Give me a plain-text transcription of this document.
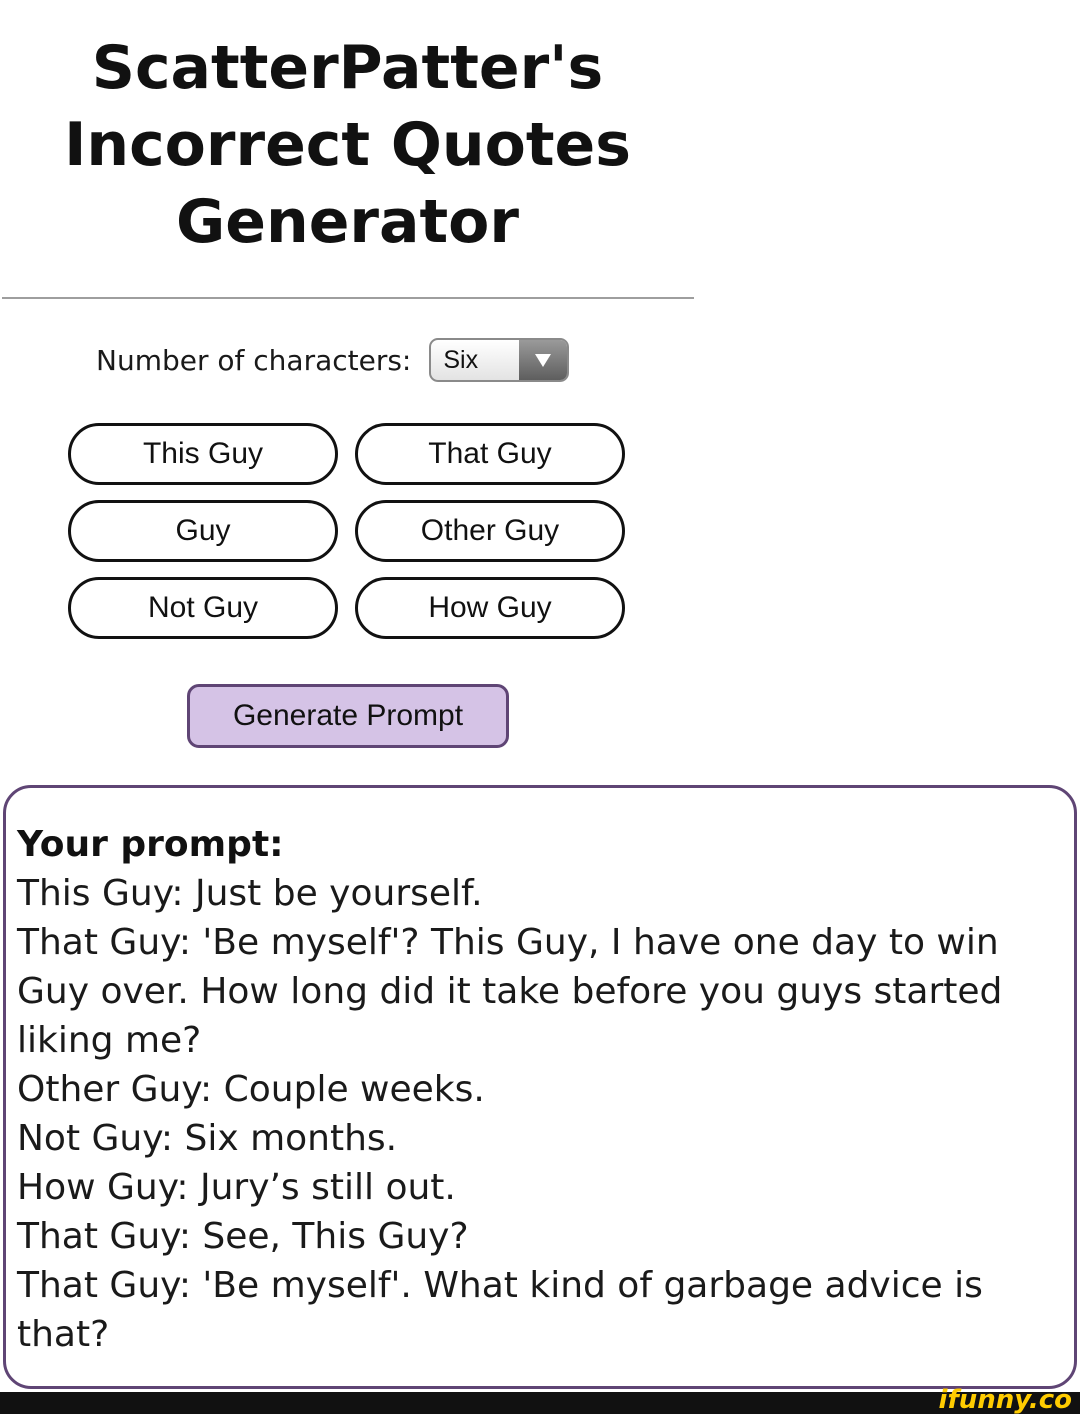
ScatterPatter's
Incorrect Quotes
Generator
Number of characters: Six
This Guy	That Guy
Guy	Other Guy
Not Guy	How Guy
Generate Prompt
Your prompt:
This Guy: Just be yourself.
That Guy: 'Be myself'? This Guy, I have one day to win Guy over. How long did it take before you guys started liking me?
Other Guy: Couple weeks.
Not Guy: Six months.
How Guy: Jury’s still out.
That Guy: See, This Guy?
That Guy: 'Be myself'. What kind of garbage advice is that?
ifunny.co
